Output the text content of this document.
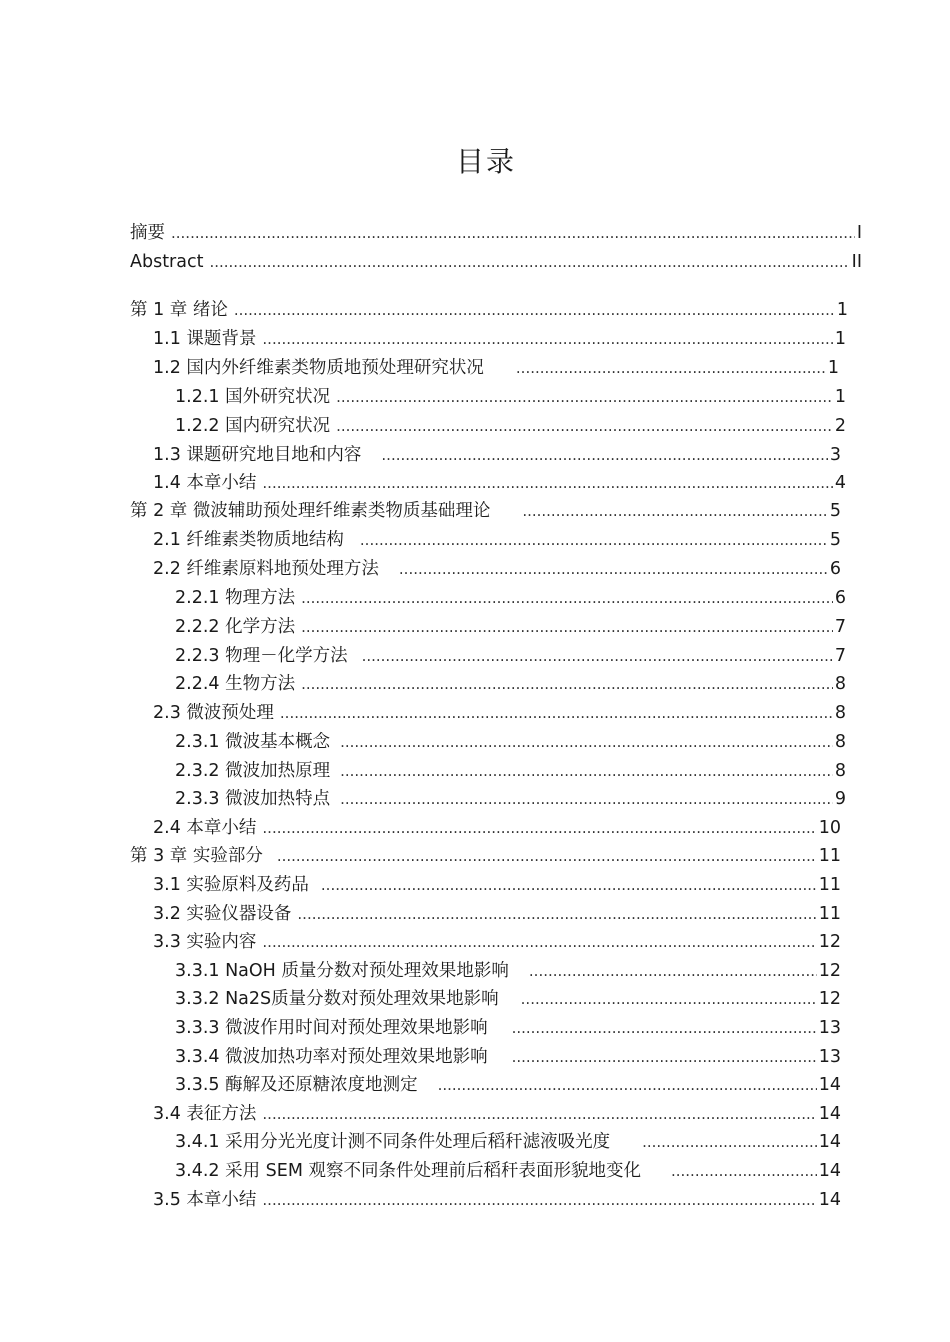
目录
摘要 .....	I
Abstract .....	II
第 1 章 绪论 .....	1
1.1 课题背景 .....	1
1.2 国内外纤维素类物质地预处理研究状况 .....	1
1.2.1 国外研究状况 .....	1
1.2.2 国内研究状况 .....	2
1.3 课题研究地目地和内容 .....	3
1.4 本章小结 .....	4
第 2 章 微波辅助预处理纤维素类物质基础理论 .....	5
2.1 纤维素类物质地结构 .....	5
2.2 纤维素原料地预处理方法 .....	6
2.2.1 物理方法 .....	6
2.2.2 化学方法 .....	7
2.2.3 物理－化学方法 .....	7
2.2.4 生物方法 .....	8
2.3 微波预处理 .....	8
2.3.1 微波基本概念 .....	8
2.3.2 微波加热原理 .....	8
2.3.3 微波加热特点 .....	9
2.4 本章小结 .....	10
第 3 章 实验部分 .....	11
3.1 实验原料及药品 .....	11
3.2 实验仪器设备 .....	11
3.3 实验内容 .....	12
3.3.1 NaOH 质量分数对预处理效果地影响 .....	12
3.3.2 Na2S质量分数对预处理效果地影响 .....	12
3.3.3 微波作用时间对预处理效果地影响 .....	13
3.3.4 微波加热功率对预处理效果地影响 .....	13
3.3.5 酶解及还原糖浓度地测定 .....	14
3.4 表征方法 .....	14
3.4.1 采用分光光度计测不同条件处理后稻秆滤液吸光度 .....	14
3.4.2 采用 SEM 观察不同条件处理前后稻秆表面形貌地变化 .....	14
3.5 本章小结 .....	14
